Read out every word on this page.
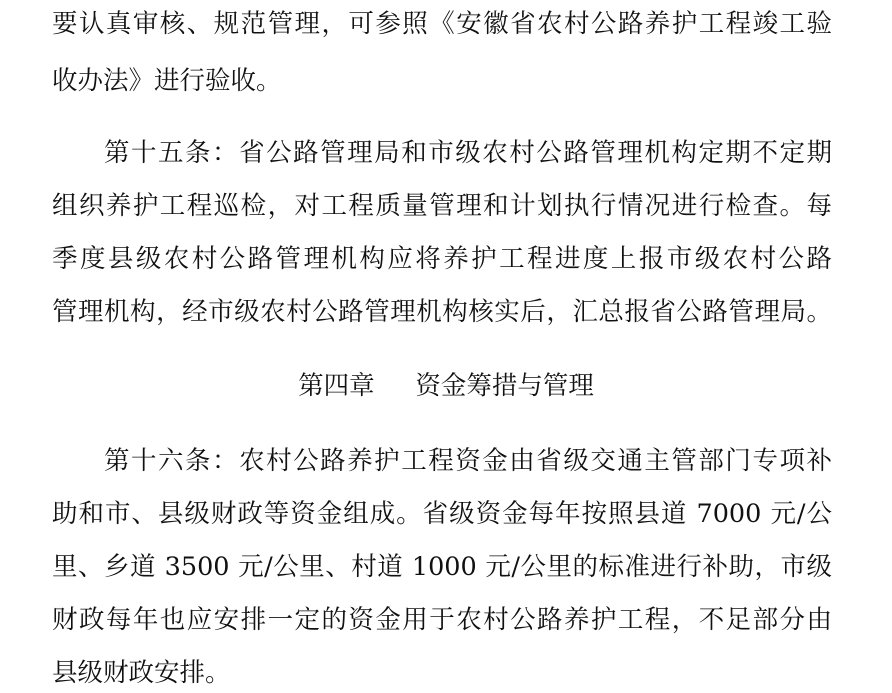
要认真审核、规范管理，可参照《安徽省农村公路养护工程竣工验
收办法》进行验收。
第十五条：省公路管理局和市级农村公路管理机构定期不定期
组织养护工程巡检，对工程质量管理和计划执行情况进行检查。每
季度县级农村公路管理机构应将养护工程进度上报市级农村公路
管理机构，经市级农村公路管理机构核实后，汇总报省公路管理局。
第四章 资金筹措与管理
第十六条：农村公路养护工程资金由省级交通主管部门专项补
助和市、县级财政等资金组成。省级资金每年按照县道 7000 元/公
里、乡道 3500 元/公里、村道 1000 元/公里的标准进行补助，市级
财政每年也应安排一定的资金用于农村公路养护工程，不足部分由
县级财政安排。
